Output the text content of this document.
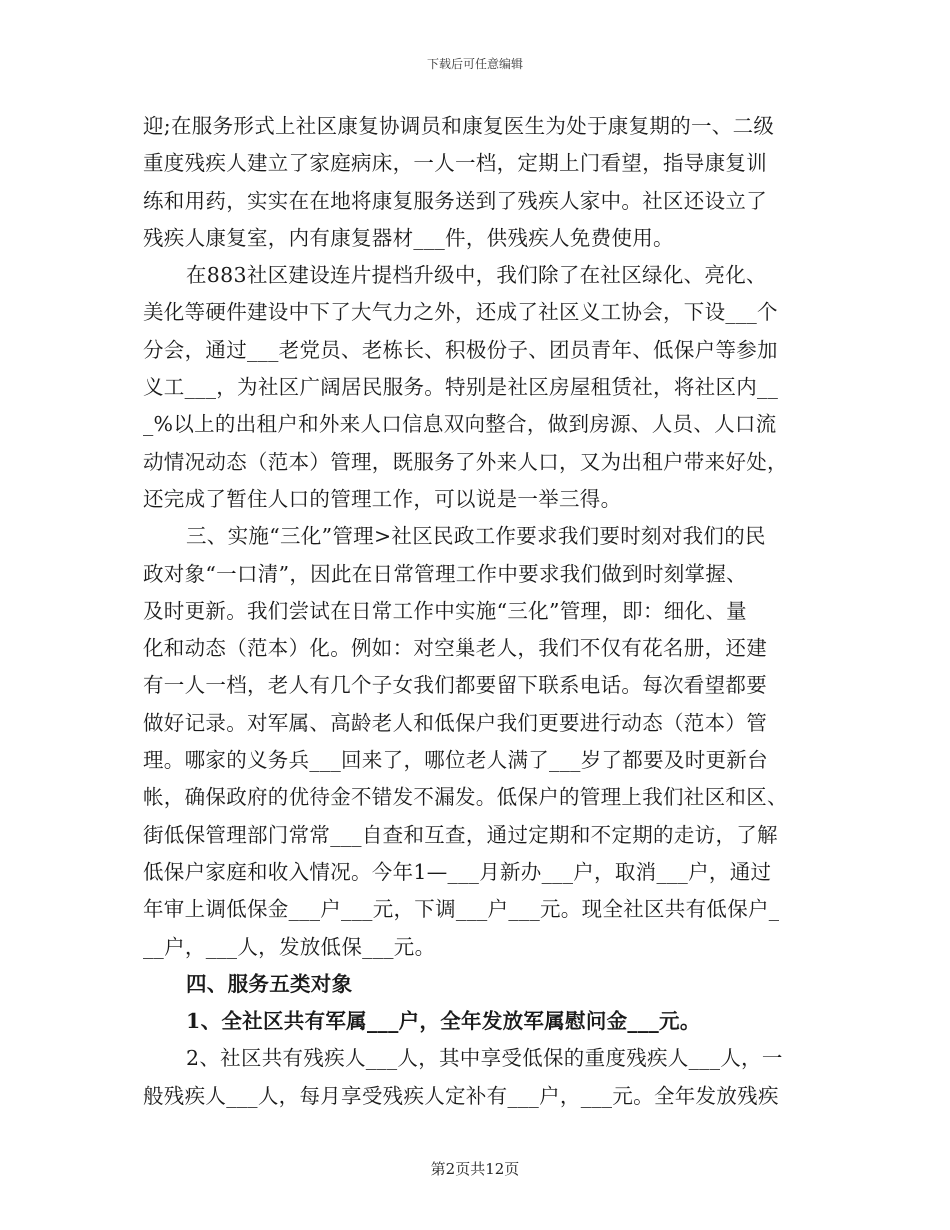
下载后可任意编辑
迎;在服务形式上社区康复协调员和康复医生为处于康复期的一、二级
重度残疾人建立了家庭病床，一人一档，定期上门看望，指导康复训
练和用药，实实在在地将康复服务送到了残疾人家中。社区还设立了
残疾人康复室，内有康复器材___件，供残疾人免费使用。
在883社区建设连片提档升级中，我们除了在社区绿化、亮化、
美化等硬件建设中下了大气力之外，还成了社区义工协会，下设___个
分会，通过___老党员、老栋长、积极份子、团员青年、低保户等参加
义工___，为社区广阔居民服务。特别是社区房屋租赁社，将社区内__
_%以上的出租户和外来人口信息双向整合，做到房源、人员、人口流
动情况动态（范本）管理，既服务了外来人口，又为出租户带来好处，
还完成了暂住人口的管理工作，可以说是一举三得。
三、实施“三化”管理>社区民政工作要求我们要时刻对我们的民
政对象“一口清”，因此在日常管理工作中要求我们做到时刻掌握、
及时更新。我们尝试在日常工作中实施“三化”管理，即：细化、量
化和动态（范本）化。例如：对空巢老人，我们不仅有花名册，还建
有一人一档，老人有几个子女我们都要留下联系电话。每次看望都要
做好记录。对军属、高龄老人和低保户我们更要进行动态（范本）管
理。哪家的义务兵___回来了，哪位老人满了___岁了都要及时更新台
帐，确保政府的优待金不错发不漏发。低保户的管理上我们社区和区、
街低保管理部门常常___自查和互查，通过定期和不定期的走访，了解
低保户家庭和收入情况。今年1—___月新办___户，取消___户，通过
年审上调低保金___户___元，下调___户___元。现全社区共有低保户_
__户，___人，发放低保___元。
四、服务五类对象
1、全社区共有军属___户，全年发放军属慰问金___元。
2、社区共有残疾人___人，其中享受低保的重度残疾人___人，一
般残疾人___人，每月享受残疾人定补有___户，___元。全年发放残疾
第2页共12页
